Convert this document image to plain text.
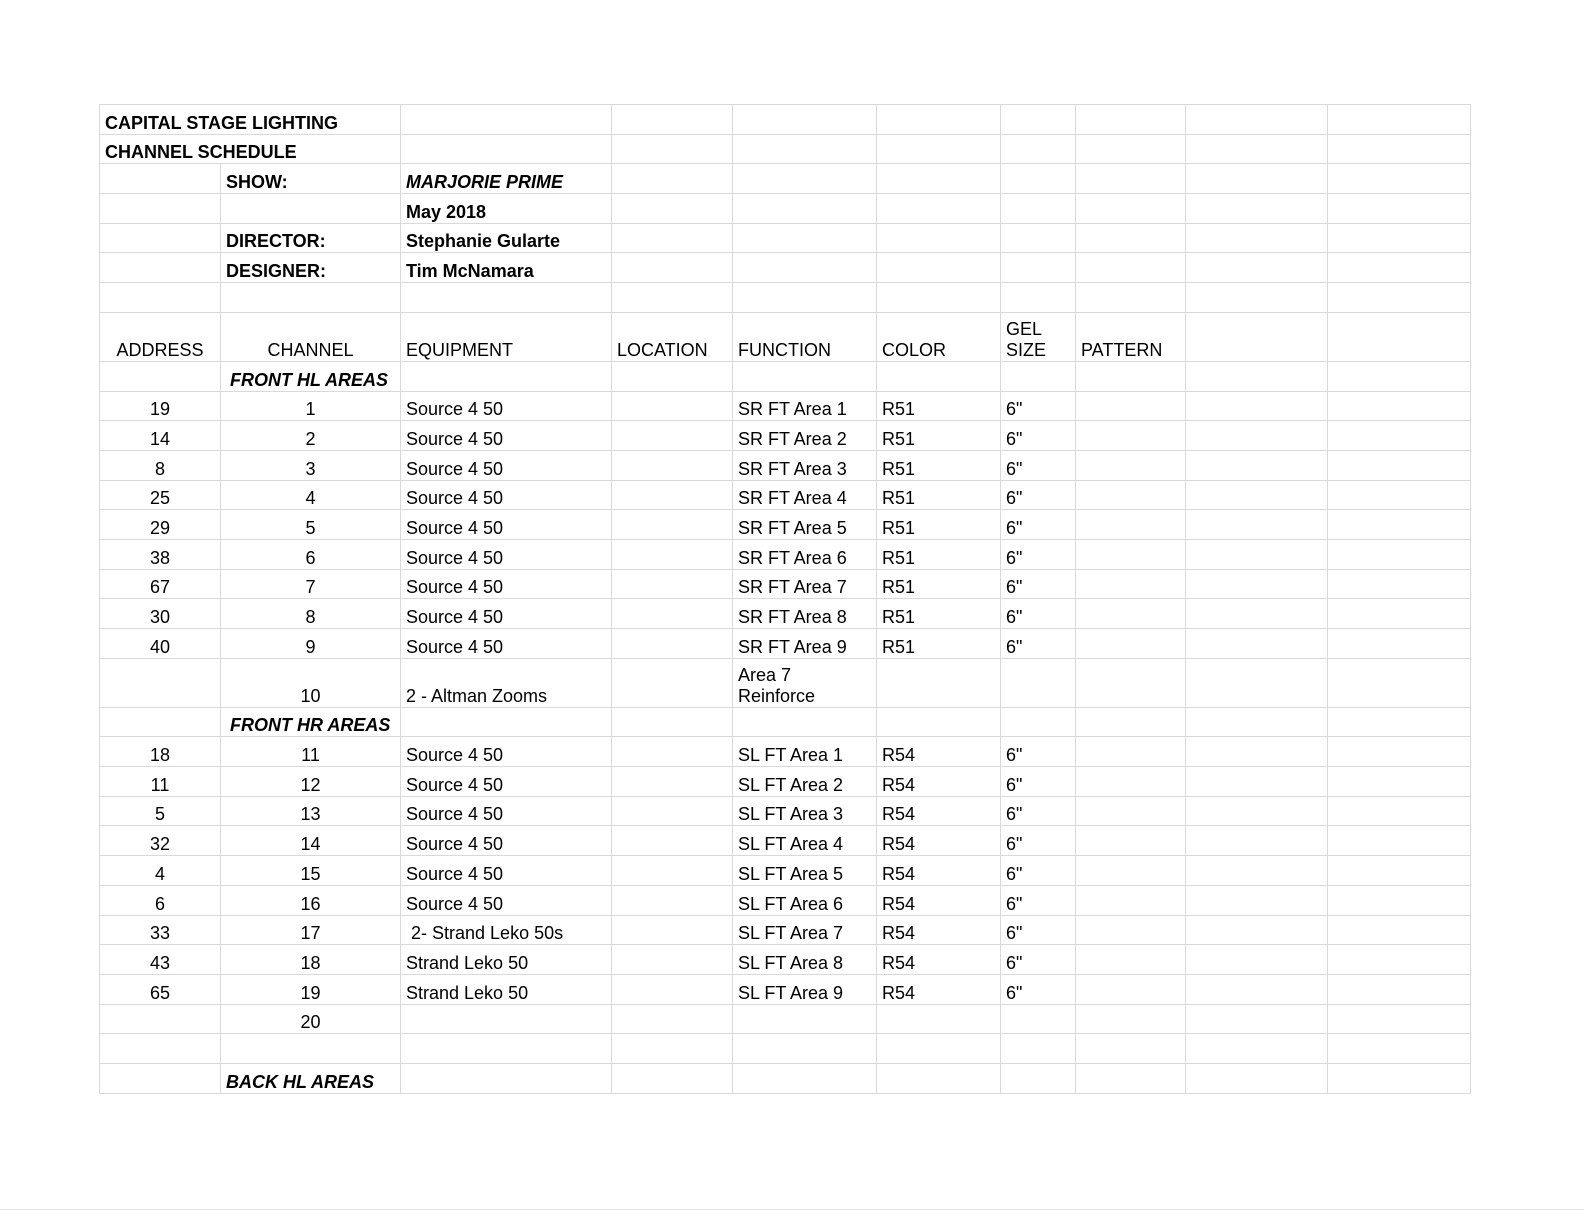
CAPITAL STAGE LIGHTING									
CHANNEL SCHEDULE									
	SHOW:	MARJORIE PRIME							
		May 2018							
	DIRECTOR:	Stephanie Gularte							
	DESIGNER:	Tim McNamara							

ADDRESS	CHANNEL	EQUIPMENT	LOCATION	FUNCTION	COLOR	GEL SIZE	PATTERN		
	FRONT HL AREAS								
19	1	Source 4 50		SR FT Area 1	R51	6"			
14	2	Source 4 50		SR FT Area 2	R51	6"			
8	3	Source 4 50		SR FT Area 3	R51	6"			
25	4	Source 4 50		SR FT Area 4	R51	6"			
29	5	Source 4 50		SR FT Area 5	R51	6"			
38	6	Source 4 50		SR FT Area 6	R51	6"			
67	7	Source 4 50		SR FT Area 7	R51	6"			
30	8	Source 4 50		SR FT Area 8	R51	6"			
40	9	Source 4 50		SR FT Area 9	R51	6"			
	10	2 - Altman Zooms		Area 7 Reinforce					
	FRONT HR AREAS								
18	11	Source 4 50		SL FT Area 1	R54	6"			
11	12	Source 4 50		SL FT Area 2	R54	6"			
5	13	Source 4 50		SL FT Area 3	R54	6"			
32	14	Source 4 50		SL FT Area 4	R54	6"			
4	15	Source 4 50		SL FT Area 5	R54	6"			
6	16	Source 4 50		SL FT Area 6	R54	6"			
33	17	2- Strand Leko 50s		SL FT Area 7	R54	6"			
43	18	Strand Leko 50		SL FT Area 8	R54	6"			
65	19	Strand Leko 50		SL FT Area 9	R54	6"			
	20								

	BACK HL AREAS								
